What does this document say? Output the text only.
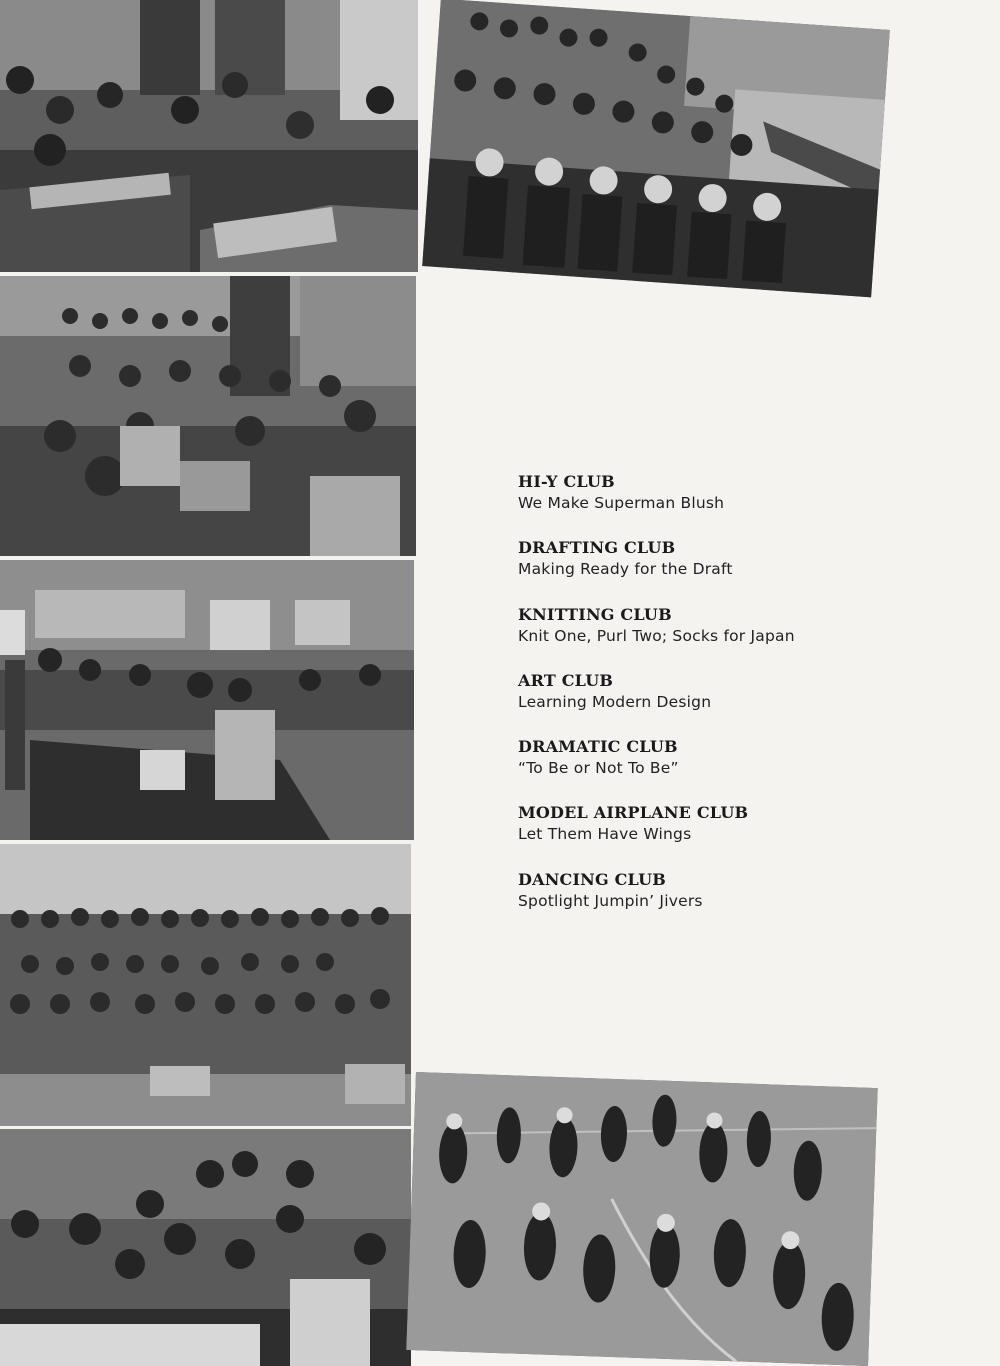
HI-Y CLUB
We Make Superman Blush
DRAFTING CLUB
Making Ready for the Draft
KNITTING CLUB
Knit One, Purl Two; Socks for Japan
ART CLUB
Learning Modern Design
DRAMATIC CLUB
“To Be or Not To Be”
MODEL AIRPLANE CLUB
Let Them Have Wings
DANCING CLUB
Spotlight Jumpin’ Jivers
